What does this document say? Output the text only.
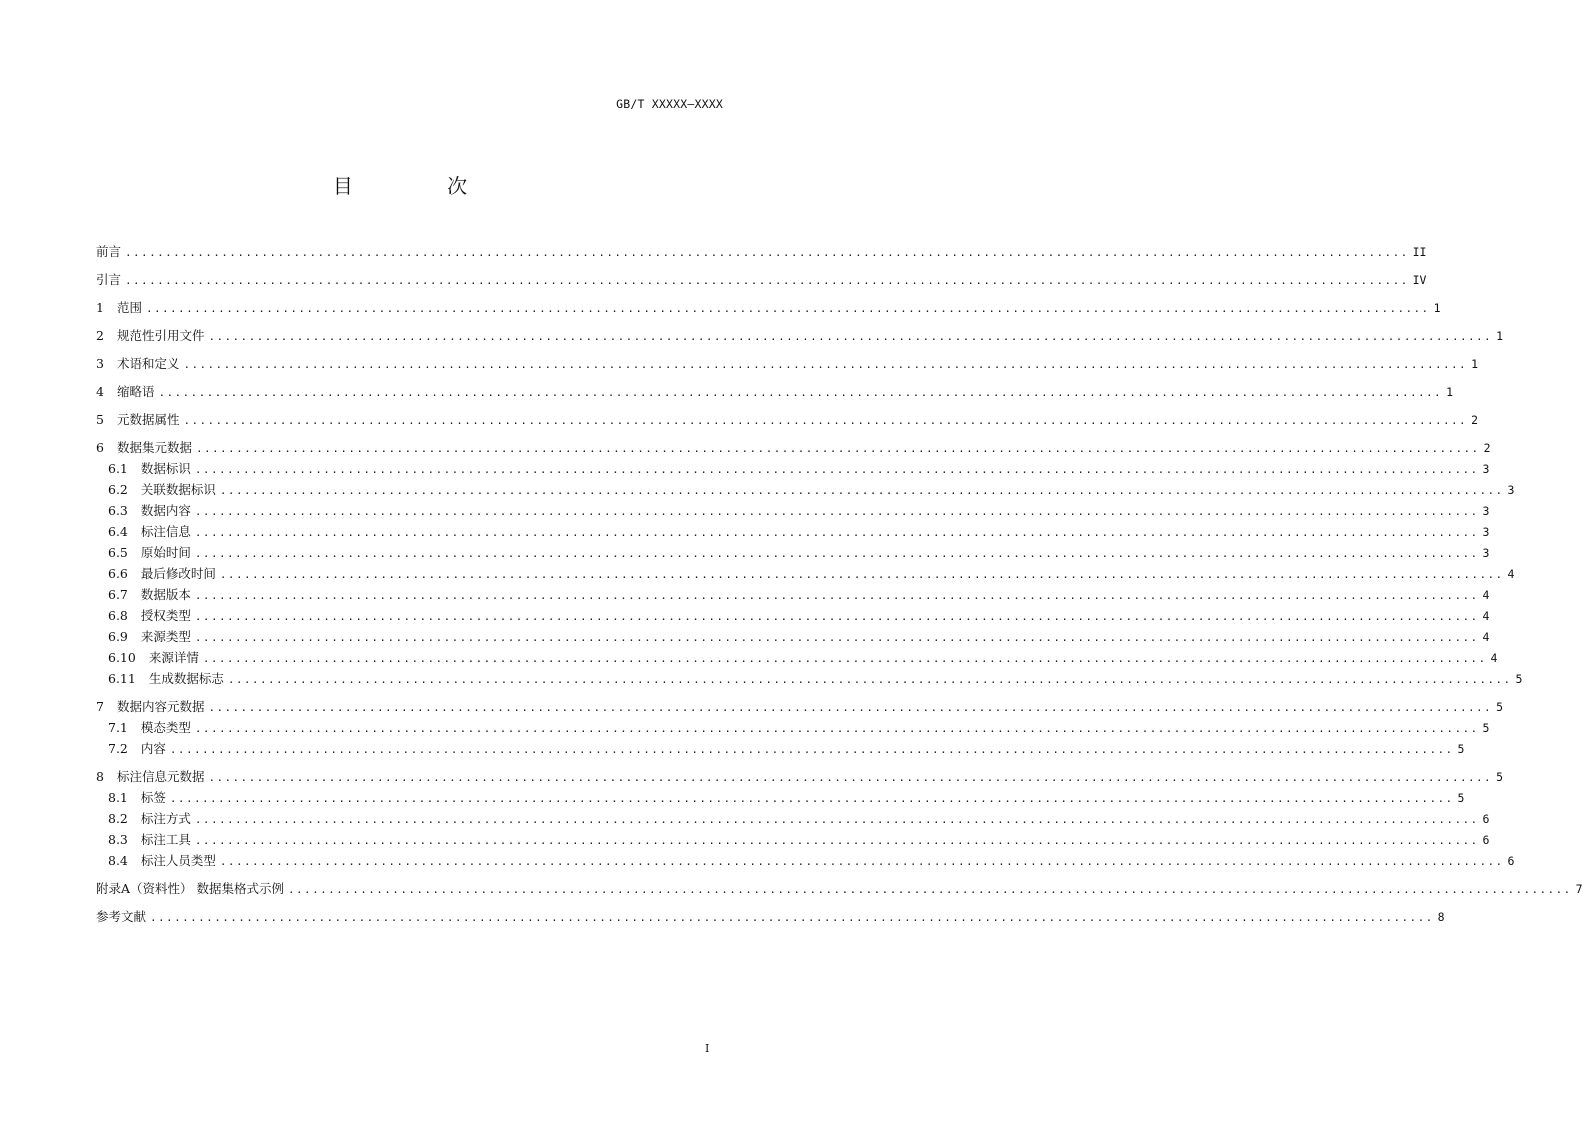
GB/T XXXXX—XXXX
目 次
前言 ................................................................................................................................................................ II
引言 ................................................................................................................................................................ IV
1 范围 ................................................................................................................................................................ 1
2 规范性引用文件 ................................................................................................................................................................ 1
3 术语和定义 ................................................................................................................................................................ 1
4 缩略语 ................................................................................................................................................................ 1
5 元数据属性 ................................................................................................................................................................ 2
6 数据集元数据 ................................................................................................................................................................ 2
6.1 数据标识 ................................................................................................................................................................ 3
6.2 关联数据标识 ................................................................................................................................................................ 3
6.3 数据内容 ................................................................................................................................................................ 3
6.4 标注信息 ................................................................................................................................................................ 3
6.5 原始时间 ................................................................................................................................................................ 3
6.6 最后修改时间 ................................................................................................................................................................ 4
6.7 数据版本 ................................................................................................................................................................ 4
6.8 授权类型 ................................................................................................................................................................ 4
6.9 来源类型 ................................................................................................................................................................ 4
6.10 来源详情 ................................................................................................................................................................ 4
6.11 生成数据标志 ................................................................................................................................................................ 5
7 数据内容元数据 ................................................................................................................................................................ 5
7.1 模态类型 ................................................................................................................................................................ 5
7.2 内容 ................................................................................................................................................................ 5
8 标注信息元数据 ................................................................................................................................................................ 5
8.1 标签 ................................................................................................................................................................ 5
8.2 标注方式 ................................................................................................................................................................ 6
8.3 标注工具 ................................................................................................................................................................ 6
8.4 标注人员类型 ................................................................................................................................................................ 6
附录A（资料性） 数据集格式示例 ................................................................................................................................................................ 7
参考文献 ................................................................................................................................................................ 8
I
